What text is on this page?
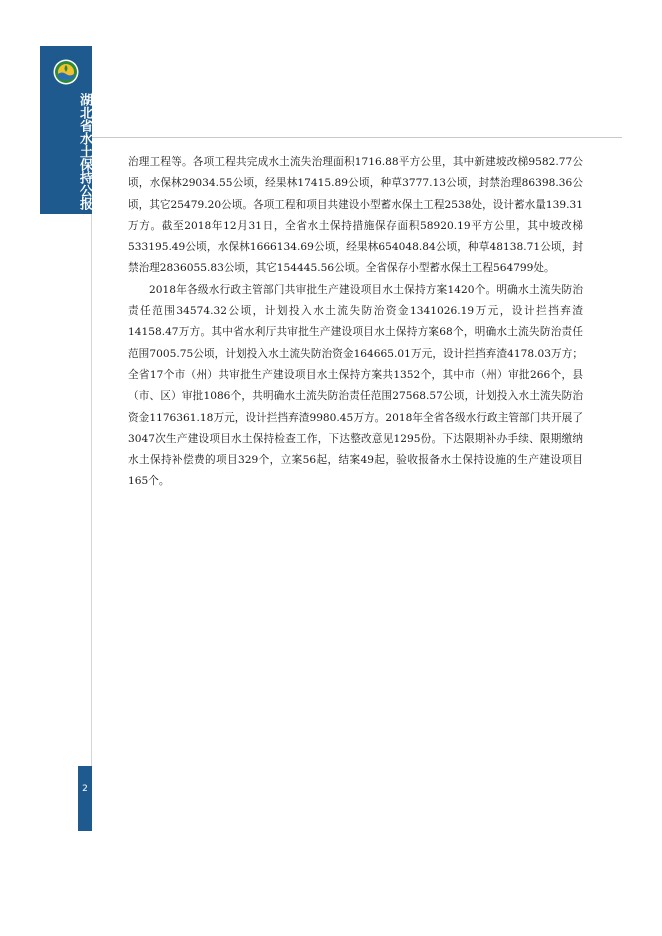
湖北省水土保持公报	治理工程等。各项工程共完成水土流失治理面积1716.88平方公里，其中新建坡改梯9582.77公顷，水保林29034.55公顷，经果林17415.89公顷，种草3777.13公顷，封禁治理86398.36公顷，其它25479.20公顷。各项工程和项目共建设小型蓄水保土工程2538处，设计蓄水量139.31万方。截至2018年12月31日，全省水土保持措施保存面积58920.19平方公里，其中坡改梯533195.49公顷，水保林1666134.69公顷，经果林654048.84公顷，种草48138.71公顷，封禁治理2836055.83公顷，其它154445.56公顷。全省保存小型蓄水保土工程564799处。

2018年各级水行政主管部门共审批生产建设项目水土保持方案1420个。明确水土流失防治责任范围34574.32公顷，计划投入水土流失防治资金1341026.19万元，设计拦挡弃渣14158.47万方。其中省水利厅共审批生产建设项目水土保持方案68个，明确水土流失防治责任范围7005.75公顷，计划投入水土流失防治资金164665.01万元，设计拦挡弃渣4178.03万方；全省17个市（州）共审批生产建设项目水土保持方案共1352个，其中市（州）审批266个，县（市、区）审批1086个，共明确水土流失防治责任范围27568.57公顷，计划投入水土流失防治资金1176361.18万元，设计拦挡弃渣9980.45万方。2018年全省各级水行政主管部门共开展了3047次生产建设项目水土保持检查工作，下达整改意见1295份。下达限期补办手续、限期缴纳水土保持补偿费的项目329个，立案56起，结案49起，验收报备水土保持设施的生产建设项目165个。

2
